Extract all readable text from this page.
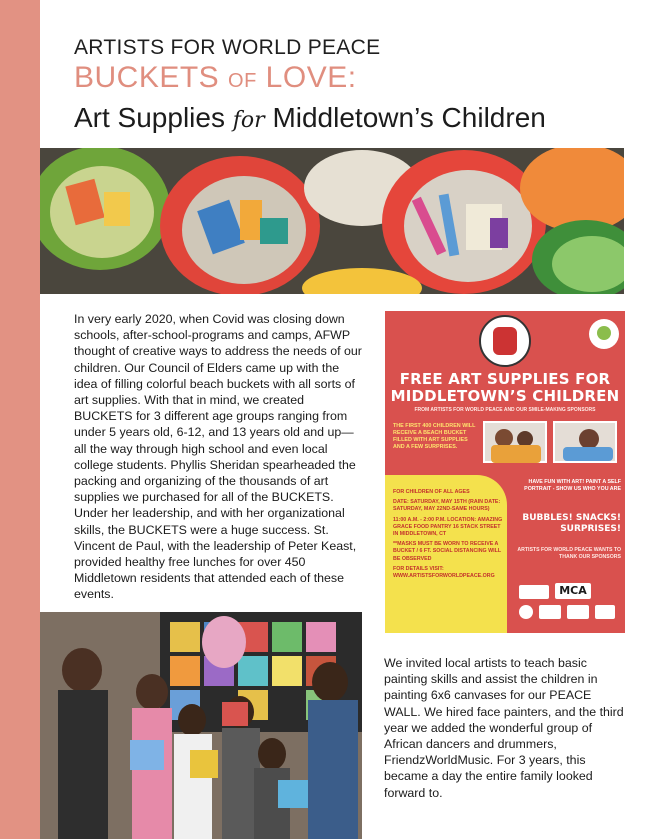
ARTISTS FOR WORLD PEACE
BUCKETS OF LOVE:
Art Supplies for Middletown’s Children
In very early 2020, when Covid was closing down schools, after-school-programs and camps, AFWP thought of creative ways to address the needs of our children. Our Council of Elders came up with the idea of filling colorful beach buckets with all sorts of art supplies. With that in mind, we created BUCKETS for 3 different age groups ranging from under 5 years old, 6-12, and 13 years old and up—all the way through high school and even local college students. Phyllis Sheridan spearheaded the packing and organizing of the thousands of art supplies we purchased for all of the BUCKETS. Under her leadership, and with her organizational skills, the BUCKETS were a huge success. St. Vincent de Paul, with the leadership of Peter Keast, provided healthy free lunches for over 450 Middletown residents that attended each of these events.
FREE ART SUPPLIES FOR
MIDDLETOWN’S CHILDREN
FROM ARTISTS FOR WORLD PEACE AND OUR SMILE-MAKING SPONSORS
THE FIRST 400 CHILDREN WILL RECEIVE A BEACH BUCKET FILLED WITH ART SUPPLIES AND A FEW SURPRISES.

FOR CHILDREN OF ALL AGES

DATE: SATURDAY, MAY 15TH (RAIN DATE: SATURDAY, MAY 22ND-SAME HOURS)

11:00 A.M. - 2:00 P.M. LOCATION: AMAZING GRACE FOOD PANTRY 16 STACK STREET IN MIDDLETOWN, CT

**MASKS MUST BE WORN TO RECEIVE A BUCKET / 6 FT. SOCIAL DISTANCING WILL BE OBSERVED

FOR DETAILS VISIT: WWW.ARTISTSFORWORLDPEACE.ORG

HAVE FUN WITH ART! PAINT A SELF PORTRAIT - SHOW US WHO YOU ARE
BUBBLES! SNACKS!
SURPRISES!
ARTISTS FOR WORLD PEACE WANTS TO THANK OUR SPONSORS
MCA
We invited local artists to teach basic painting skills and assist the children in painting 6x6 canvases for our PEACE WALL. We hired face painters, and the third year we added the wonderful group of African dancers and drummers, FriendzWorldMusic. For 3 years, this became a day the entire family looked forward to.
